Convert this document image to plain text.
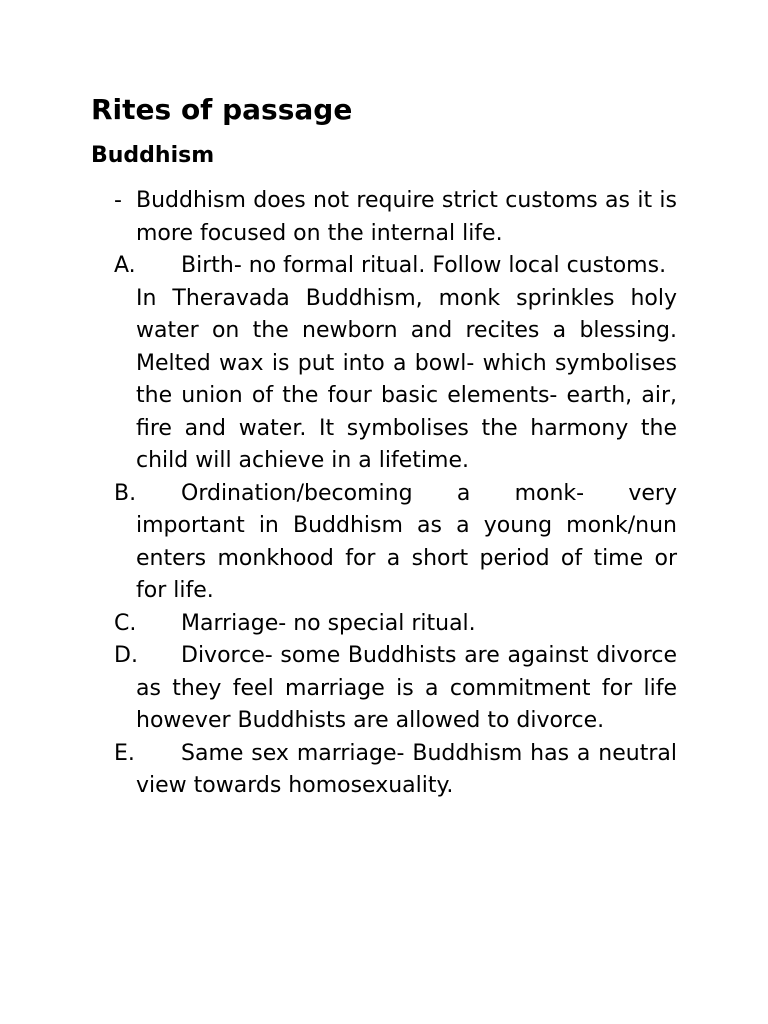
Rites of passage
Buddhism
- Buddhism does not require strict customs as it is more focused on the internal life.
A. Birth- no formal ritual. Follow local customs.
In Theravada Buddhism, monk sprinkles holy water on the newborn and recites a blessing. Melted wax is put into a bowl- which symbolises the union of the four basic elements- earth, air, fire and water. It symbolises the harmony the child will achieve in a lifetime.
B. Ordination/becoming a monk- very important in Buddhism as a young monk/nun enters monkhood for a short period of time or for life.
C. Marriage- no special ritual.
D. Divorce- some Buddhists are against divorce as they feel marriage is a commitment for life however Buddhists are allowed to divorce.
E. Same sex marriage- Buddhism has a neutral view towards homosexuality.
